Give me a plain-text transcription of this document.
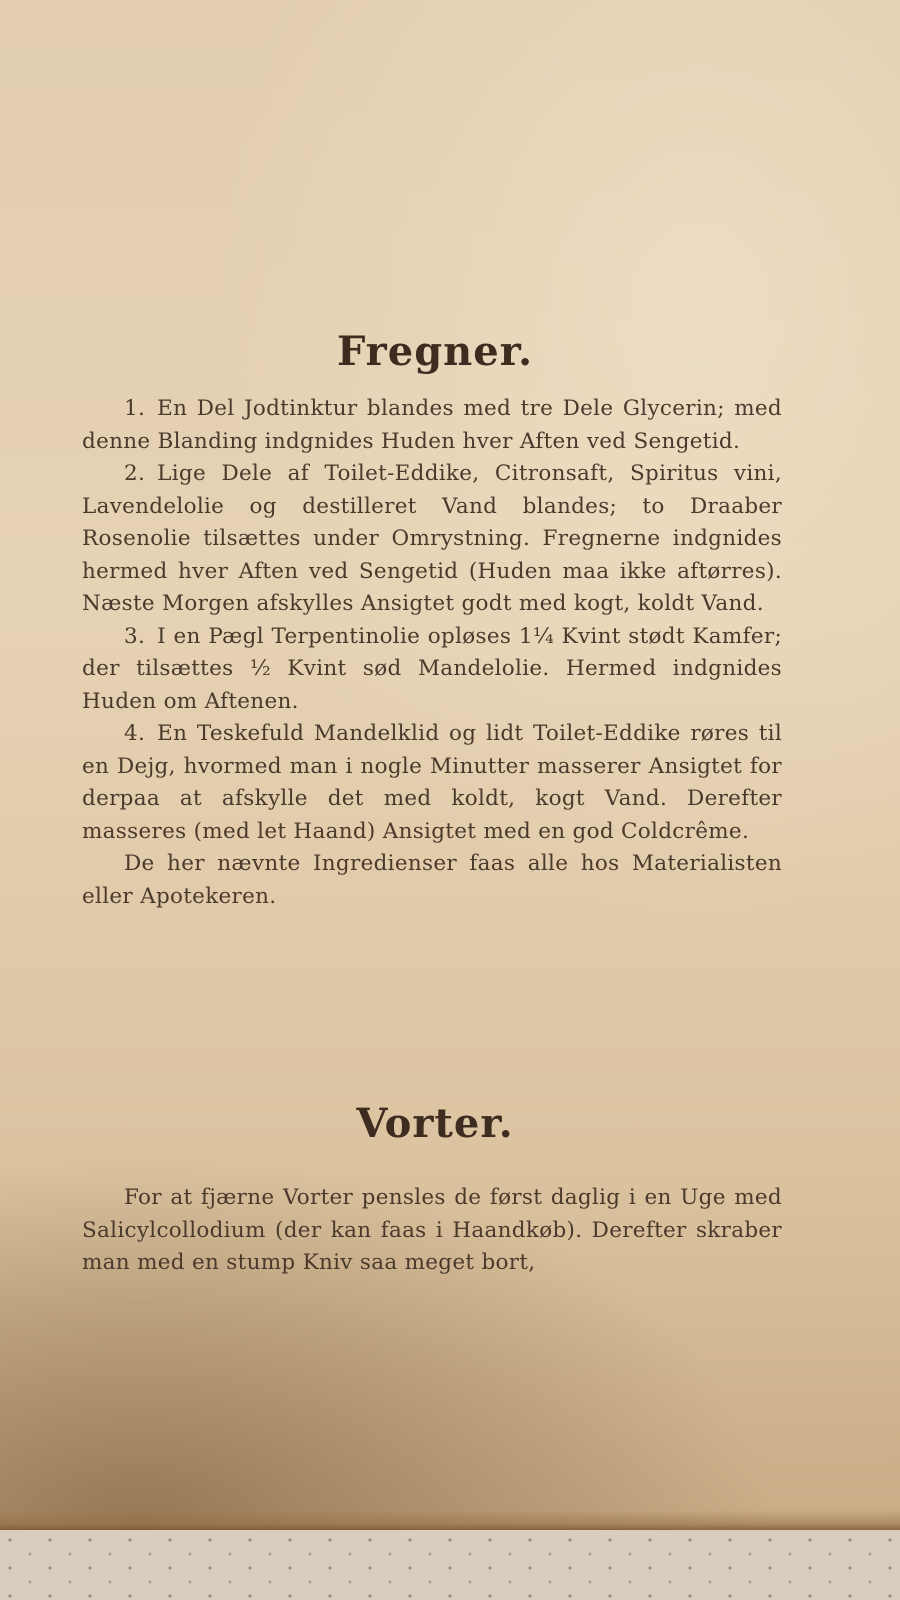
Fregner.

1. En Del Jodtinktur blandes med tre Dele Glycerin; med denne Blanding indgnides Huden hver Aften ved Sengetid.

2. Lige Dele af Toilet-Eddike, Citronsaft, Spiritus vini, Lavendelolie og destilleret Vand blandes; to Draaber Rosenolie tilsættes under Omrystning. Fregnerne indgnides hermed hver Aften ved Sengetid (Huden maa ikke aftørres). Næste Morgen afskylles Ansigtet godt med kogt, koldt Vand.

3. I en Pægl Terpentinolie opløses 1¼ Kvint stødt Kamfer; der tilsættes ½ Kvint sød Mandelolie. Hermed indgnides Huden om Aftenen.

4. En Teskefuld Mandelklid og lidt Toilet-Eddike røres til en Dejg, hvormed man i nogle Minutter masserer Ansigtet for derpaa at afskylle det med koldt, kogt Vand. Derefter masseres (med let Haand) Ansigtet med en god Coldcrême.

De her nævnte Ingredienser faas alle hos Materialisten eller Apotekeren.

Vorter.

For at fjærne Vorter pensles de først daglig i en Uge med Salicylcollodium (der kan faas i Haandkøb). Derefter skraber man med en stump Kniv saa meget bort,
